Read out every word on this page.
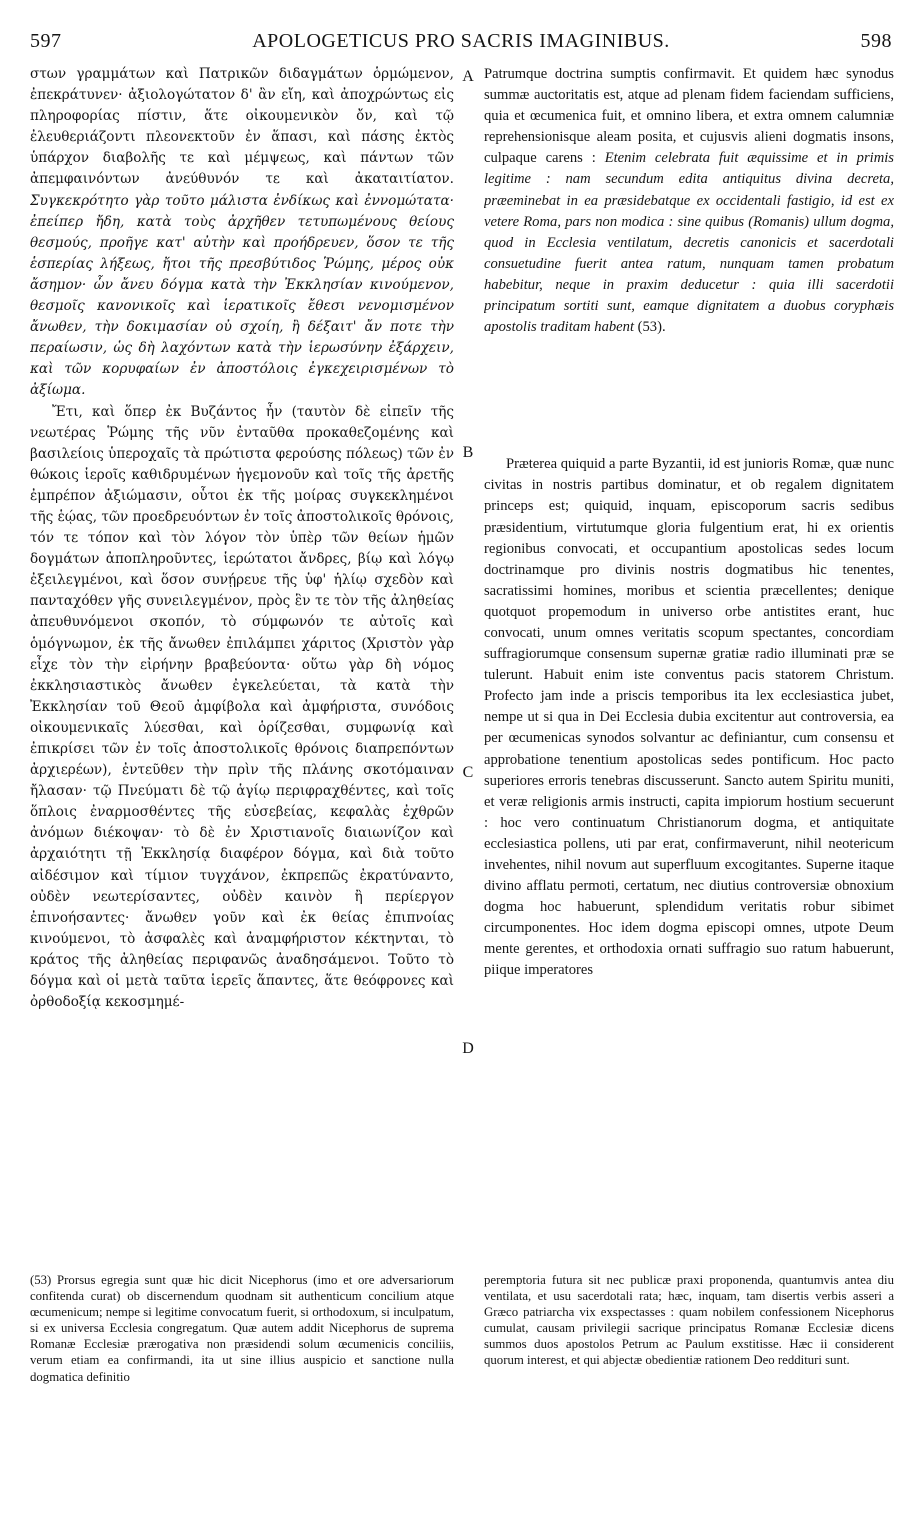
597	APOLOGETICUS PRO SACRIS IMAGINIBUS.	598

στων γραμμάτων καὶ Πατρικῶν διδαγμάτων ὁρμώμενον, ἐπεκράτυνεν· ἀξιολογώτατον δ' ἂν εἴη, καὶ ἀποχρώντως εἰς πληροφορίας πίστιν, ἅτε οἰκουμενικὸν ὄν, καὶ τῷ ἐλευθεριάζοντι πλεονεκτοῦν ἐν ἅπασι, καὶ πάσης ἐκτὸς ὑπάρχον διαβολῆς τε καὶ μέμψεως, καὶ πάντων τῶν ἀπεμφαινόντων ἀνεύθυνόν τε καὶ ἀκαταιτίατον. Συγκεκρότητο γὰρ τοῦτο μάλιστα ἐνδίκως καὶ ἐννομώτατα· ἐπείπερ ἤδη, κατὰ τοὺς ἀρχῆθεν τετυπωμένους θείους θεσμούς, προῆγε κατ' αὐτὴν καὶ προήδρευεν, ὅσον τε τῆς ἑσπερίας λήξεως, ἤτοι τῆς πρεσβύτιδος Ῥώμης, μέρος οὐκ ἄσημον· ὧν ἄνευ δόγμα κατὰ τὴν Ἐκκλησίαν κινούμενον, θεσμοῖς κανονικοῖς καὶ ἱερατικοῖς ἔθεσι νενομισμένον ἄνωθεν, τὴν δοκιμασίαν οὐ σχοίη, ἢ δέξαιτ' ἄν ποτε τὴν περαίωσιν, ὡς δὴ λαχόντων κατὰ τὴν ἱερωσύνην ἐξάρχειν, καὶ τῶν κορυφαίων ἐν ἀποστόλοις ἐγκεχειρισμένων τὸ ἀξίωμα.

Ἔτι, καὶ ὅπερ ἐκ Βυζάντος ἦν (ταυτὸν δὲ εἰπεῖν τῆς νεωτέρας Ῥώμης τῆς νῦν ἐνταῦθα προκαθεζομένης καὶ βασιλείοις ὑπεροχαῖς τὰ πρώτιστα φερούσης πόλεως) τῶν ἐν θώκοις ἱεροῖς καθιδρυμένων ἡγεμονοῦν καὶ τοῖς τῆς ἀρετῆς ἐμπρέπον ἀξιώμασιν, οὗτοι ἐκ τῆς μοίρας συγκεκλημένοι τῆς ἑῴας, τῶν προεδρευόντων ἐν τοῖς ἀποστολικοῖς θρόνοις, τόν τε τόπον καὶ τὸν λόγον τὸν ὑπὲρ τῶν θείων ἡμῶν δογμάτων ἀποπληροῦντες, ἱερώτατοι ἄνδρες, βίῳ καὶ λόγῳ ἐξειλεγμένοι, καὶ ὅσον συνῄρευε τῆς ὑφ' ἡλίῳ σχεδὸν καὶ πανταχόθεν γῆς συνειλεγμένον, πρὸς ἓν τε τὸν τῆς ἀληθείας ἀπευθυνόμενοι σκοπόν, τὸ σύμφωνόν τε αὐτοῖς καὶ ὁμόγνωμον, ἐκ τῆς ἄνωθεν ἐπιλάμπει χάριτος (Χριστὸν γὰρ εἶχε τὸν τὴν εἰρήνην βραβεύοντα· οὕτω γὰρ δὴ νόμος ἐκκλησιαστικὸς ἄνωθεν ἐγκελεύεται, τὰ κατὰ τὴν Ἐκκλησίαν τοῦ Θεοῦ ἀμφίβολα καὶ ἀμφήριστα, συνόδοις οἰκουμενικαῖς λύεσθαι, καὶ ὁρίζεσθαι, συμφωνίᾳ καὶ ἐπικρίσει τῶν ἐν τοῖς ἀποστολικοῖς θρόνοις διαπρεπόντων ἀρχιερέων), ἐντεῦθεν τὴν πρὶν τῆς πλάνης σκοτόμαιναν ἤλασαν· τῷ Πνεύματι δὲ τῷ ἁγίῳ περιφραχθέντες, καὶ τοῖς ὅπλοις ἐναρμοσθέντες τῆς εὐσεβείας, κεφαλὰς ἐχθρῶν ἀνόμων διέκοψαν· τὸ δὲ ἐν Χριστιανοῖς διαιωνίζον καὶ ἀρχαιότητι τῇ Ἐκκλησίᾳ διαφέρον δόγμα, καὶ διὰ τοῦτο αἰδέσιμον καὶ τίμιον τυγχάνον, ἐκπρεπῶς ἐκρατύναντο, οὐδὲν νεωτερίσαντες, οὐδὲν καινὸν ἢ περίεργον ἐπινοήσαντες· ἄνωθεν γοῦν καὶ ἐκ θείας ἐπιπνοίας κινούμενοι, τὸ ἀσφαλὲς καὶ ἀναμφήριστον κέκτηνται, τὸ κράτος τῆς ἀληθείας περιφανῶς ἀναδησάμενοι. Τοῦτο τὸ δόγμα καὶ οἱ μετὰ ταῦτα ἱερεῖς ἅπαντες, ἅτε θεόφρονες καὶ ὀρθοδοξίᾳ κεκοσμημέ-

A
B
C
D

Patrumque doctrina sumptis confirmavit. Et quidem hæc synodus summæ auctoritatis est, atque ad plenam fidem faciendam sufficiens, quia et œcumenica fuit, et omnino libera, et extra omnem calumniæ reprehensionisque aleam posita, et cujusvis alieni dogmatis insons, culpaque carens : Etenim celebrata fuit æquissime et in primis legitime : nam secundum edita antiquitus divina decreta, præeminebat in ea præsidebatque ex occidentali fastigio, id est ex vetere Roma, pars non modica : sine quibus (Romanis) ullum dogma, quod in Ecclesia ventilatum, decretis canonicis et sacerdotali consuetudine fuerit antea ratum, nunquam tamen probatum habebitur, neque in praxim deducetur : quia illi sacerdotii principatum sortiti sunt, eamque dignitatem a duobus coryphæis apostolis traditam habent (53).

Præterea quiquid a parte Byzantii, id est junioris Romæ, quæ nunc civitas in nostris partibus dominatur, et ob regalem dignitatem princeps est; quiquid, inquam, episcoporum sacris sedibus præsidentium, virtutumque gloria fulgentium erat, hi ex orientis regionibus convocati, et occupantium apostolicas sedes locum doctrinamque pro divinis nostris dogmatibus hic tenentes, sacratissimi homines, moribus et scientia præcellentes; denique quotquot propemodum in universo orbe antistites erant, huc convocati, unum omnes veritatis scopum spectantes, concordiam suffragiorumque consensum supernæ gratiæ radio illuminati præ se tulerunt. Habuit enim iste conventus pacis statorem Christum. Profecto jam inde a priscis temporibus ita lex ecclesiastica jubet, nempe ut si qua in Dei Ecclesia dubia excitentur aut controversia, ea per œcumenicas synodos solvantur ac definiantur, cum consensu et approbatione tenentium apostolicas sedes pontificum. Hoc pacto superiores erroris tenebras discusserunt. Sancto autem Spiritu muniti, et veræ religionis armis instructi, capita impiorum hostium secuerunt : hoc vero continuatum Christianorum dogma, et antiquitate ecclesiastica pollens, uti par erat, confirmaverunt, nihil neotericum invehentes, nihil novum aut superfluum excogitantes. Superne itaque divino afflatu permoti, certatum, nec diutius controversiæ obnoxium dogma hoc habuerunt, splendidum veritatis robur sibimet circumponentes. Hoc idem dogma episcopi omnes, utpote Deum mente gerentes, et orthodoxia ornati suffragio suo ratum habuerunt, piique imperatores

(53) Prorsus egregia sunt quæ hic dicit Nicephorus (imo et ore adversariorum confitenda curat) ob discernendum quodnam sit authenticum concilium atque œcumenicum; nempe si legitime convocatum fuerit, si orthodoxum, si inculpatum, si ex universa Ecclesia congregatum. Quæ autem addit Nicephorus de suprema Romanæ Ecclesiæ prærogativa non præsidendi solum œcumenicis conciliis, verum etiam ea confirmandi, ita ut sine illius auspicio et sanctione nulla dogmatica definitio

peremptoria futura sit nec publicæ praxi proponenda, quantumvis antea diu ventilata, et usu sacerdotali rata; hæc, inquam, tam disertis verbis asseri a Græco patriarcha vix exspectasses : quam nobilem confessionem Nicephorus cumulat, causam privilegii sacrique principatus Romanæ Ecclesiæ dicens summos duos apostolos Petrum ac Paulum exstitisse. Hæc ii considerent quorum interest, et qui abjectæ obedientiæ rationem Deo reddituri sunt.
